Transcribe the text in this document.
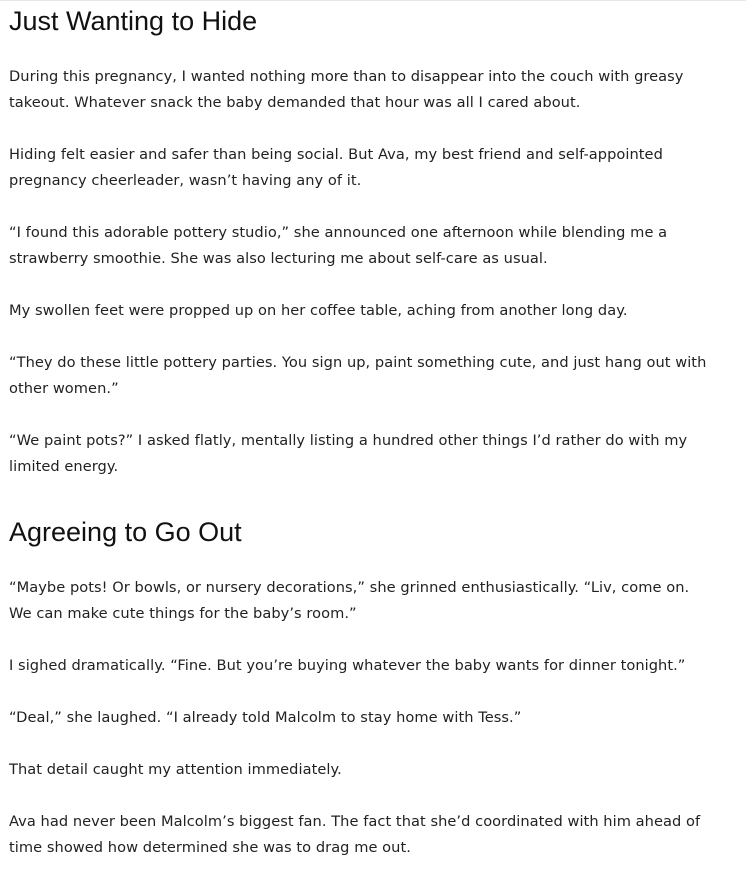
Just Wanting to Hide

During this pregnancy, I wanted nothing more than to disappear into the couch with greasy takeout. Whatever snack the baby demanded that hour was all I cared about.

Hiding felt easier and safer than being social. But Ava, my best friend and self-appointed pregnancy cheerleader, wasn’t having any of it.

“I found this adorable pottery studio,” she announced one afternoon while blending me a strawberry smoothie. She was also lecturing me about self-care as usual.

My swollen feet were propped up on her coffee table, aching from another long day.

“They do these little pottery parties. You sign up, paint something cute, and just hang out with other women.”

“We paint pots?” I asked flatly, mentally listing a hundred other things I’d rather do with my limited energy.

Agreeing to Go Out

“Maybe pots! Or bowls, or nursery decorations,” she grinned enthusiastically. “Liv, come on. We can make cute things for the baby’s room.”

I sighed dramatically. “Fine. But you’re buying whatever the baby wants for dinner tonight.”

“Deal,” she laughed. “I already told Malcolm to stay home with Tess.”

That detail caught my attention immediately.

Ava had never been Malcolm’s biggest fan. The fact that she’d coordinated with him ahead of time showed how determined she was to drag me out.
